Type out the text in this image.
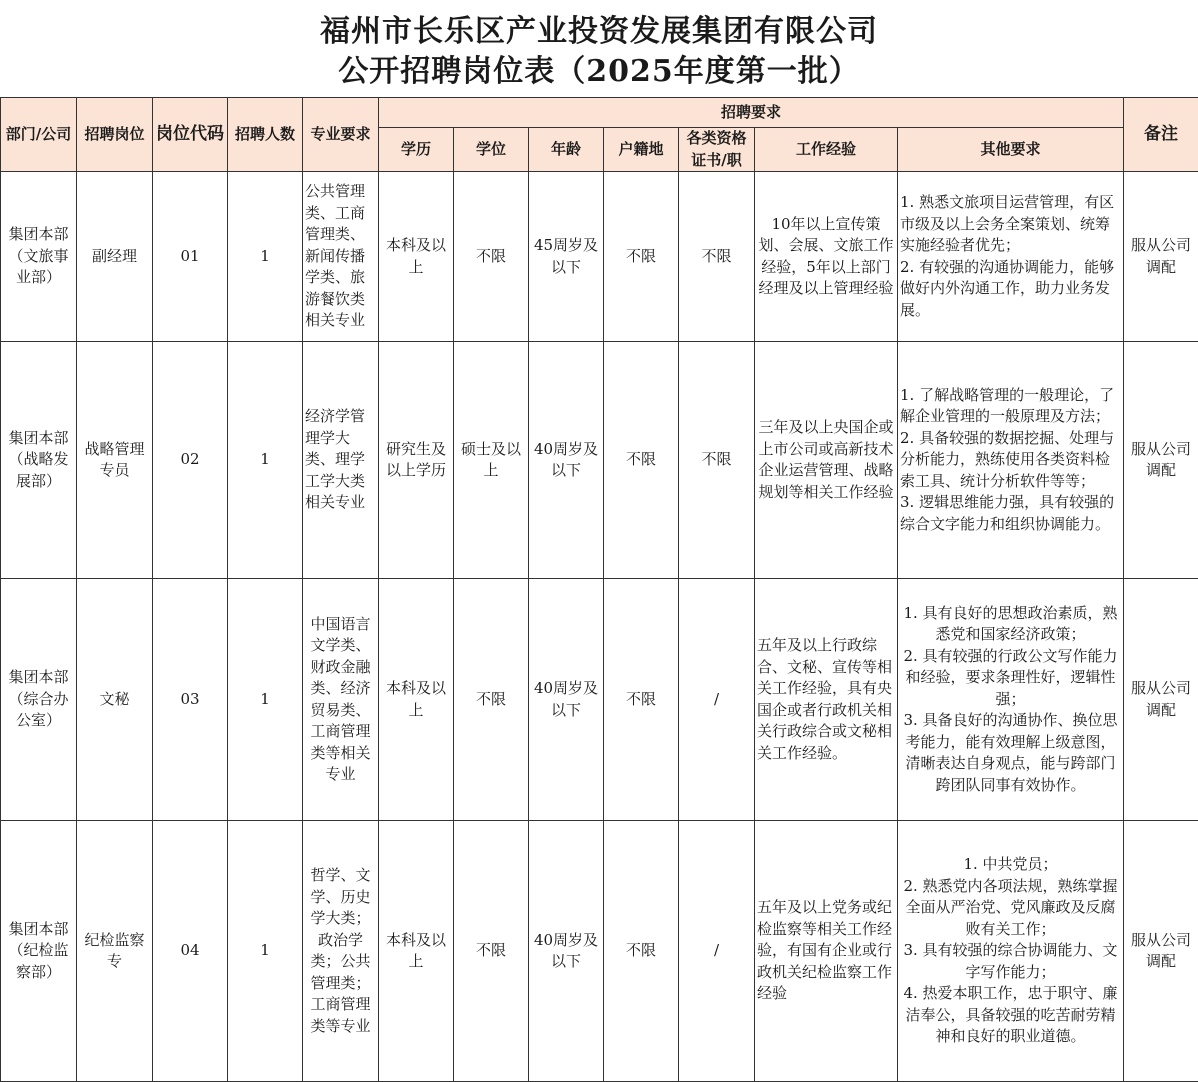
福州市长乐区产业投资发展集团有限公司
公开招聘岗位表（2025年度第一批）
部门/公司	招聘岗位	岗位代码	招聘人数	专业要求	招聘要求							备注
					学历	学位	年龄	户籍地	各类资格证书/职	工作经验	其他要求	
集团本部（文旅事业部）	副经理	01	1	公共管理类、工商管理类、新闻传播学类、旅游餐饮类相关专业	本科及以上	不限	45周岁及以下	不限	不限	10年以上宣传策划、会展、文旅工作经验，5年以上部门经理及以上管理经验	1. 熟悉文旅项目运营管理，有区市级及以上会务全案策划、统筹实施经验者优先；
2. 有较强的沟通协调能力，能够做好内外沟通工作，助力业务发展。	服从公司调配
集团本部（战略发展部）	战略管理专员	02	1	经济学管理学大类、理学工学大类相关专业	研究生及以上学历	硕士及以上	40周岁及以下	不限	不限	三年及以上央国企或上市公司或高新技术企业运营管理、战略规划等相关工作经验	1. 了解战略管理的一般理论，了解企业管理的一般原理及方法；
2. 具备较强的数据挖掘、处理与分析能力，熟练使用各类资料检索工具、统计分析软件等等；
3. 逻辑思维能力强，具有较强的综合文字能力和组织协调能力。	服从公司调配
集团本部（综合办公室）	文秘	03	1	中国语言文学类、财政金融类、经济贸易类、工商管理类等相关专业	本科及以上	不限	40周岁及以下	不限	/	五年及以上行政综合、文秘、宣传等相关工作经验，具有央国企或者行政机关相关行政综合或文秘相关工作经验。	1. 具有良好的思想政治素质，熟悉党和国家经济政策；
2. 具有较强的行政公文写作能力和经验，要求条理性好，逻辑性强；
3. 具备良好的沟通协作、换位思考能力，能有效理解上级意图，清晰表达自身观点，能与跨部门跨团队同事有效协作。	服从公司调配
集团本部（纪检监察部）	纪检监察专	04	1	哲学、文学、历史学大类；政治学类；公共管理类；工商管理类等专业	本科及以上	不限	40周岁及以下	不限	/	五年及以上党务或纪检监察等相关工作经验，有国有企业或行政机关纪检监察工作经验	1. 中共党员；
2. 熟悉党内各项法规，熟练掌握全面从严治党、党风廉政及反腐败有关工作；
3. 具有较强的综合协调能力、文字写作能力；
4. 热爱本职工作，忠于职守、廉洁奉公，具备较强的吃苦耐劳精神和良好的职业道德。	服从公司调配
